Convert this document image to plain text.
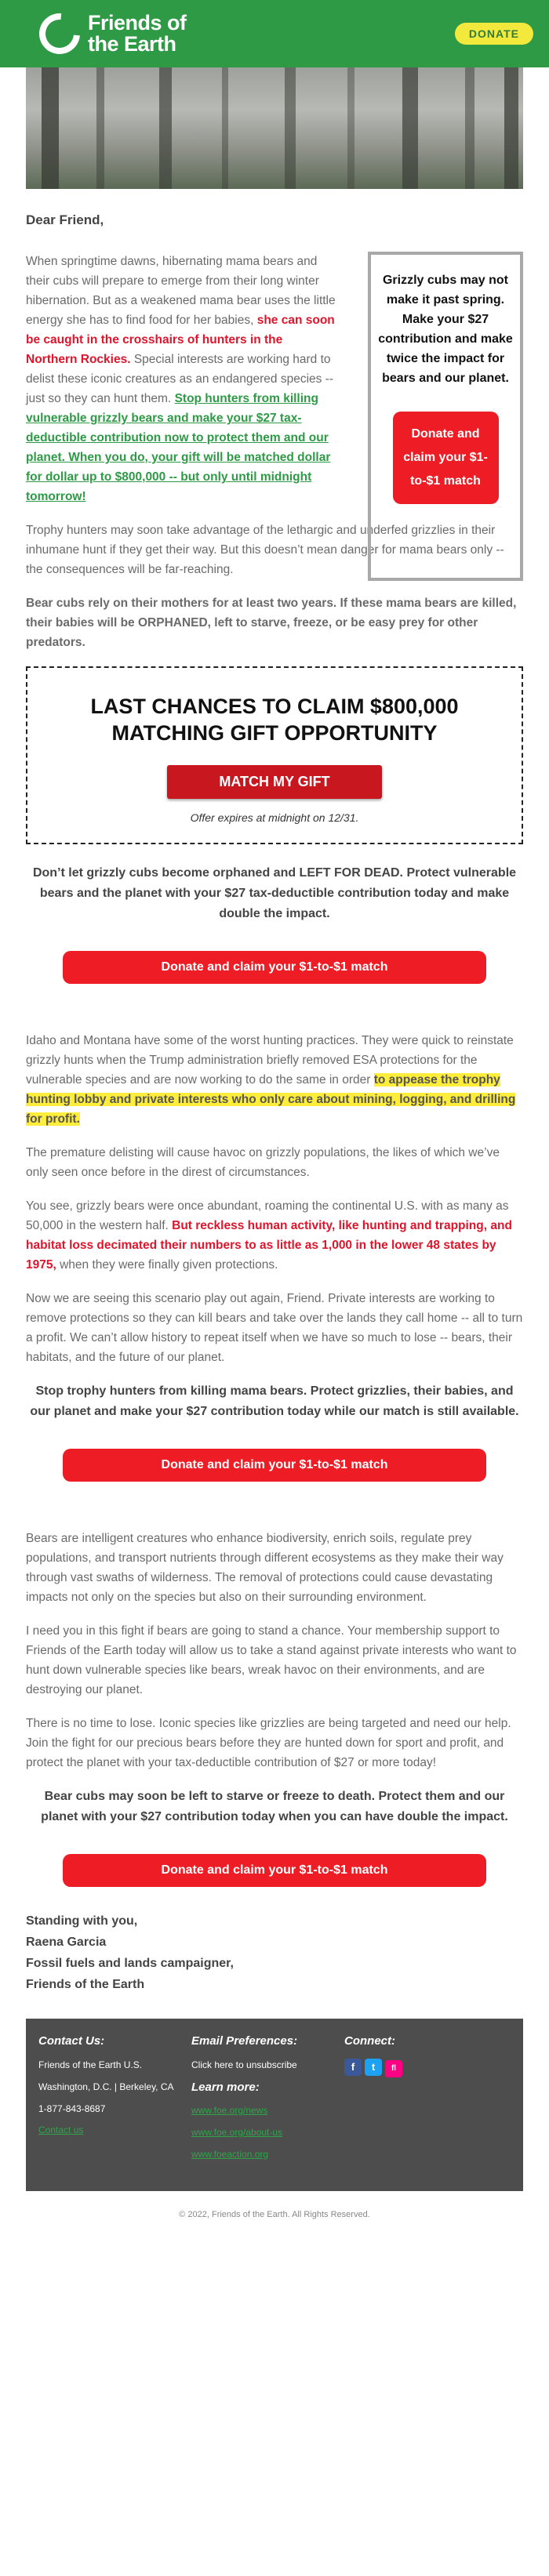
Friends of
the Earth	DONATE
Dear Friend,

When springtime dawns, hibernating mama bears and their cubs will prepare to emerge from their long winter hibernation. But as a weakened mama bear uses the little energy she has to find food for her babies, she can soon be caught in the crosshairs of hunters in the Northern Rockies. Special interests are working hard to delist these iconic creatures as an endangered species -- just so they can hunt them. Stop hunters from killing vulnerable grizzly bears and make your $27 tax-deductible contribution now to protect them and our planet. When you do, your gift will be matched dollar for dollar up to $800,000 -- but only until midnight tomorrow!

Grizzly cubs may not make it past spring. Make your $27 contribution and make twice the impact for bears and our planet.
Donate and claim your $1-to-$1 match

Trophy hunters may soon take advantage of the lethargic and underfed grizzlies in their inhumane hunt if they get their way. But this doesn’t mean danger for mama bears only -- the consequences will be far-reaching.

Bear cubs rely on their mothers for at least two years. If these mama bears are killed, their babies will be ORPHANED, left to starve, freeze, or be easy prey for other predators.

LAST CHANCES TO CLAIM $800,000 MATCHING GIFT OPPORTUNITY
MATCH MY GIFT
Offer expires at midnight on 12/31.
Don’t let grizzly cubs become orphaned and LEFT FOR DEAD. Protect vulnerable bears and the planet with your $27 tax-deductible contribution today and make double the impact.
Donate and claim your $1-to-$1 match

Idaho and Montana have some of the worst hunting practices. They were quick to reinstate grizzly hunts when the Trump administration briefly removed ESA protections for the vulnerable species and are now working to do the same in order to appease the trophy hunting lobby and private interests who only care about mining, logging, and drilling for profit.

The premature delisting will cause havoc on grizzly populations, the likes of which we’ve only seen once before in the direst of circumstances.

You see, grizzly bears were once abundant, roaming the continental U.S. with as many as 50,000 in the western half. But reckless human activity, like hunting and trapping, and habitat loss decimated their numbers to as little as 1,000 in the lower 48 states by 1975, when they were finally given protections.

Now we are seeing this scenario play out again, Friend. Private interests are working to remove protections so they can kill bears and take over the lands they call home -- all to turn a profit. We can’t allow history to repeat itself when we have so much to lose -- bears, their habitats, and the future of our planet.

Stop trophy hunters from killing mama bears. Protect grizzlies, their babies, and our planet and make your $27 contribution today while our match is still available.
Donate and claim your $1-to-$1 match

Bears are intelligent creatures who enhance biodiversity, enrich soils, regulate prey populations, and transport nutrients through different ecosystems as they make their way through vast swaths of wilderness. The removal of protections could cause devastating impacts not only on the species but also on their surrounding environment.

I need you in this fight if bears are going to stand a chance. Your membership support to Friends of the Earth today will allow us to take a stand against private interests who want to hunt down vulnerable species like bears, wreak havoc on their environments, and are destroying our planet.

There is no time to lose. Iconic species like grizzlies are being targeted and need our help. Join the fight for our precious bears before they are hunted down for sport and profit, and protect the planet with your tax-deductible contribution of $27 or more today!

Bear cubs may soon be left to starve or freeze to death. Protect them and our planet with your $27 contribution today when you can have double the impact.
Donate and claim your $1-to-$1 match
Standing with you,
Raena Garcia
Fossil fuels and lands campaigner,
Friends of the Earth
Contact Us:
Friends of the Earth U.S.
Washington, D.C. | Berkeley, CA
1-877-843-8687
Contact us
Email Preferences:
Click here to unsubscribe
Learn more:
www.foe.org/news
www.foe.org/about-us
www.foeaction.org
Connect:
f t fl
© 2022, Friends of the Earth. All Rights Reserved.
